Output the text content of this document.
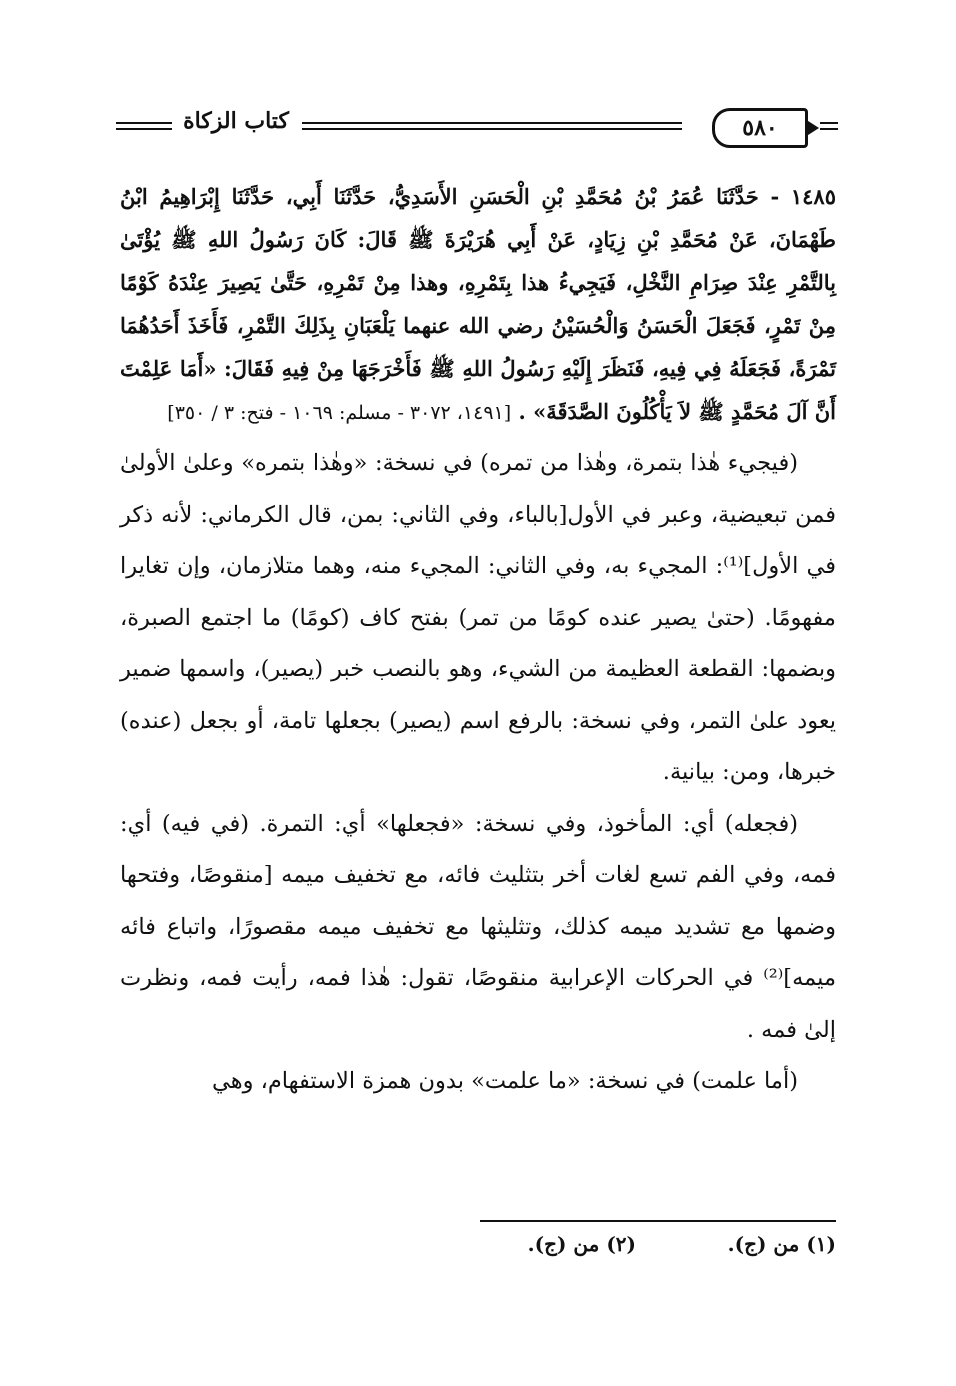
كتاب الزكاة	٥٨٠

١٤٨٥ - حَدَّثَنَا عُمَرُ بْنُ مُحَمَّدِ بْنِ الْحَسَنِ الأَسَدِيُّ، حَدَّثَنَا أَبِي، حَدَّثَنَا إِبْرَاهِيمُ ابْنُ طَهْمَانَ، عَنْ مُحَمَّدِ بْنِ زِيَادٍ، عَنْ أَبِي هُرَيْرَةَ ﷺ قَالَ: كَانَ رَسُولُ اللهِ ﷺ يُؤْتَىٰ بِالتَّمْرِ عِنْدَ صِرَامِ النَّخْلِ، فَيَجِيءُ هذا بِتَمْرِهِ، وهذا مِنْ تَمْرِهِ، حَتَّىٰ يَصِيرَ عِنْدَهُ كَوْمًا مِنْ تَمْرٍ، فَجَعَلَ الْحَسَنُ وَالْحُسَيْنُ رضي الله عنهما يَلْعَبَانِ بِذَلِكَ التَّمْرِ، فَأَخَذَ أَحَدُهُمَا تَمْرَةً، فَجَعَلَهُ فِي فِيهِ، فَنَظَرَ إِلَيْهِ رَسُولُ اللهِ ﷺ فَأَخْرَجَهَا مِنْ فِيهِ فَقَالَ: «أَمَا عَلِمْتَ أَنَّ آلَ مُحَمَّدٍ ﷺ لاَ يَأْكُلُونَ الصَّدَقَةَ» . [١٤٩١، ٣٠٧٢ - مسلم: ١٠٦٩ - فتح: ٣ / ٣٥٠]

(فيجيء هٰذا بتمرة، وهٰذا من تمره) في نسخة: «وهٰذا بتمره» وعلىٰ الأولىٰ فمن تبعيضية، وعبر في الأول[بالباء، وفي الثاني: بمن، قال الكرماني: لأنه ذكر في الأول]⁽¹⁾: المجيء به، وفي الثاني: المجيء منه، وهما متلازمان، وإن تغايرا مفهومًا. (حتىٰ يصير عنده كومًا من تمر) بفتح كاف (كومًا) ما اجتمع الصبرة، وبضمها: القطعة العظيمة من الشيء، وهو بالنصب خبر (يصير)، واسمها ضمير يعود علىٰ التمر، وفي نسخة: بالرفع اسم (يصير) بجعلها تامة، أو بجعل (عنده) خبرها، ومن: بيانية.

(فجعله) أي: المأخوذ، وفي نسخة: «فجعلها» أي: التمرة. (في فيه) أي: فمه، وفي الفم تسع لغات أخر بتثليث فائه، مع تخفيف ميمه [منقوصًا، وفتحها وضمها مع تشديد ميمه كذلك، وتثليثها مع تخفيف ميمه مقصورًا، واتباع فائه ميمه]⁽²⁾ في الحركات الإعرابية منقوصًا، تقول: هٰذا فمه، رأيت فمه، ونظرت إلىٰ فمه .

(أما علمت) في نسخة: «ما علمت» بدون همزة الاستفهام، وهي

(١) من (ج).
(٢) من (ج).
